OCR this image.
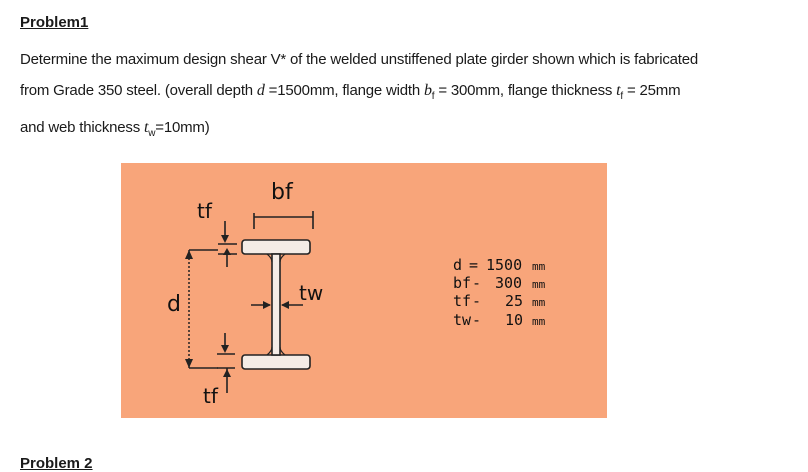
Problem1
Determine the maximum design shear V* of the welded unstiffened plate girder shown which is fabricated
from Grade 350 steel. (overall depth d =1500mm, flange width $b_f = 300mm$, flange thickness $t_f = 25mm$
and web thickness $t_w=10mm$)
bf
tf
d	tw
tf
d = 1500 mm
bf - 300 mm
tf - 25 mm
tw - 10 mm
Problem 2
